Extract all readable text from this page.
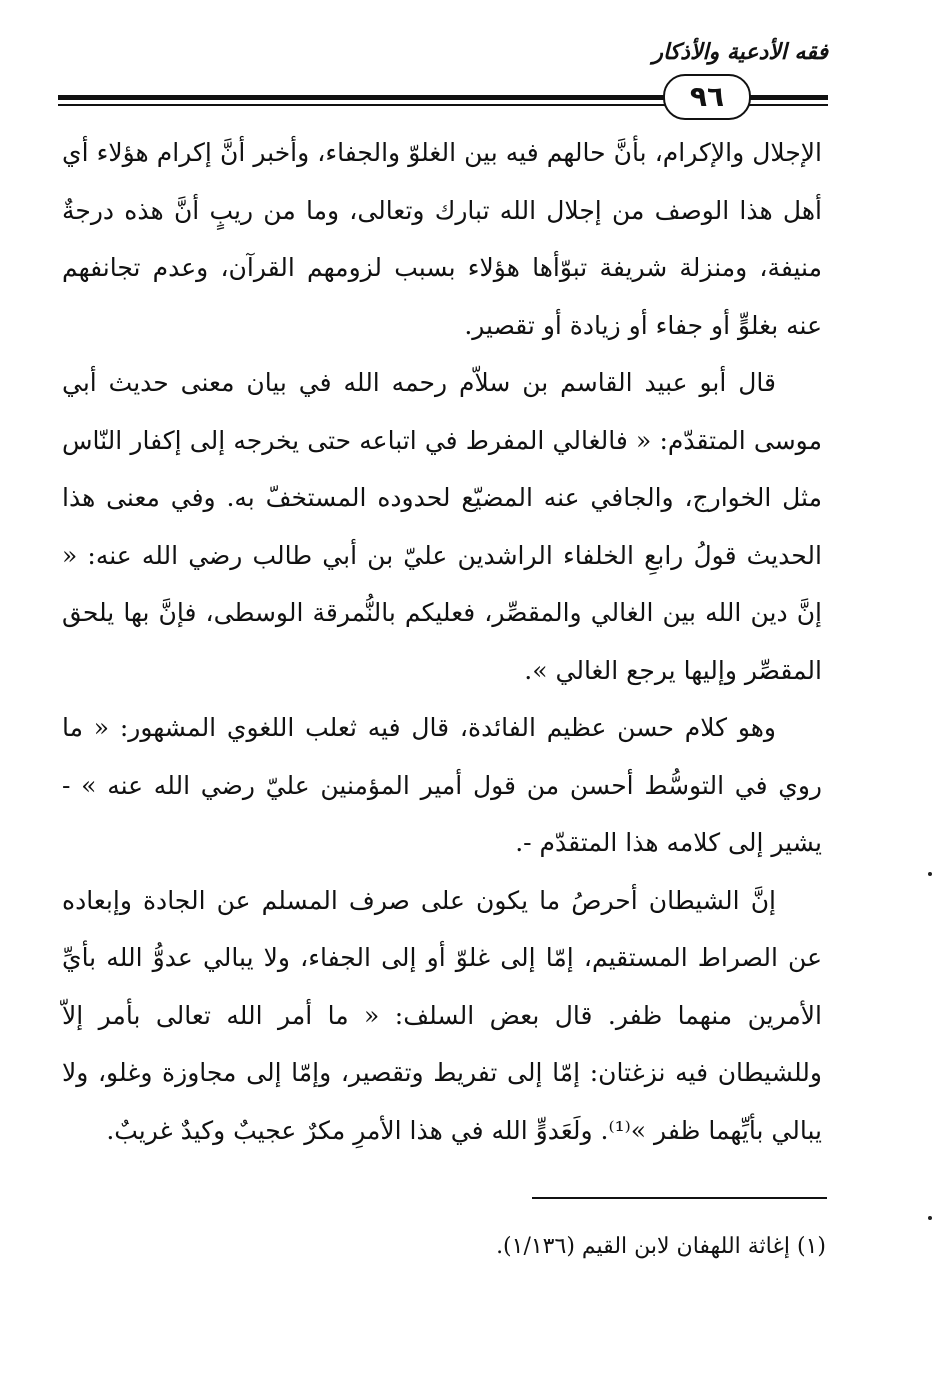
فقه الأدعية والأذكار
٩٦

الإجلال والإكرام، بأنَّ حالهم فيه بين الغلوّ والجفاء، وأخبر أنَّ إكرام هؤلاء أي أهل هذا الوصف من إجلال الله تبارك وتعالى، وما من ريبٍ أنَّ هذه درجةٌ منيفة، ومنزلة شريفة تبوّأها هؤلاء بسبب لزومهم القرآن، وعدم تجانفهم عنه بغلوٍّ أو جفاء أو زيادة أو تقصير.

قال أبو عبيد القاسم بن سلاّم رحمه الله في بيان معنى حديث أبي موسى المتقدّم: « فالغالي المفرط في اتباعه حتى يخرجه إلى إكفار النّاس مثل الخوارج، والجافي عنه المضيّع لحدوده المستخفّ به. وفي معنى هذا الحديث قولُ رابعِ الخلفاء الراشدين عليّ بن أبي طالب رضي الله عنه: « إنَّ دين الله بين الغالي والمقصِّر، فعليكم بالنُّمرقة الوسطى، فإنَّ بها يلحق المقصِّر وإليها يرجع الغالي ».

وهو كلام حسن عظيم الفائدة، قال فيه ثعلب اللغوي المشهور: « ما روي في التوسُّط أحسن من قول أمير المؤمنين عليّ رضي الله عنه » - يشير إلى كلامه هذا المتقدّم -.

إنَّ الشيطان أحرصُ ما يكون على صرف المسلم عن الجادة وإبعاده عن الصراط المستقيم، إمّا إلى غلوّ أو إلى الجفاء، ولا يبالي عدوُّ الله بأيِّ الأمرين منهما ظفر. قال بعض السلف: « ما أمر الله تعالى بأمر إلاّ وللشيطان فيه نزغتان: إمّا إلى تفريط وتقصير، وإمّا إلى مجاوزة وغلو، ولا يبالي بأيِّهما ظفر »⁽¹⁾. ولَعَدوٍّ الله في هذا الأمرِ مكرٌ عجيبٌ وكيدٌ غريبٌ.

(١) إغاثة اللهفان لابن القيم (١/١٣٦).
